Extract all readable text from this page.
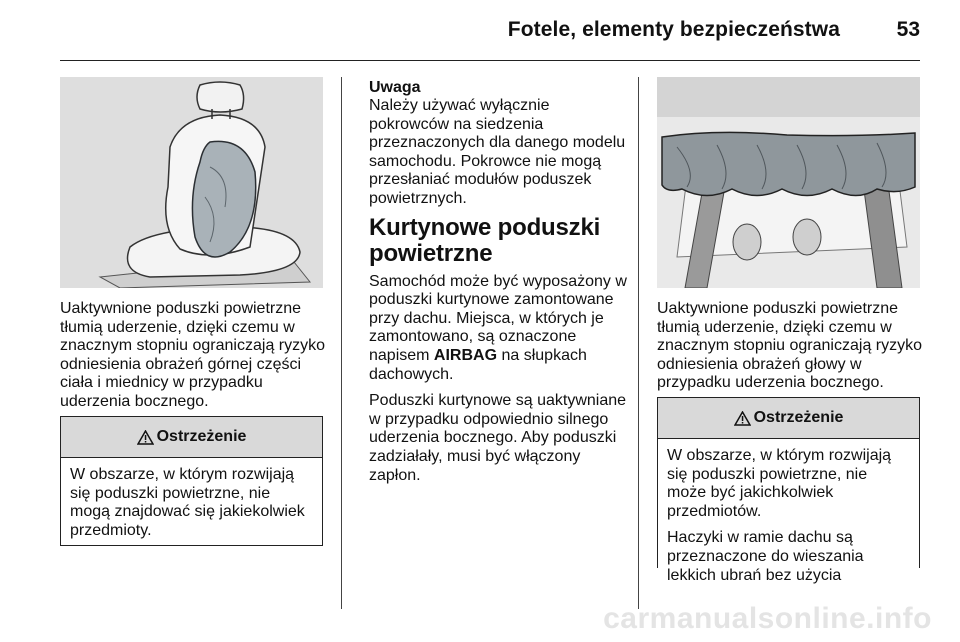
Fotele, elementy bezpieczeństwa	53

Uaktywnione poduszki powietrzne tłumią uderzenie, dzięki czemu w znacznym stopniu ograniczają ryzyko odniesienia obrażeń górnej części ciała i miednicy w przypadku uderzenia bocznego.

Ostrzeżenie

W obszarze, w którym rozwijają się poduszki powietrzne, nie mogą znajdować się jakiekolwiek przedmioty.

Uwaga

Należy używać wyłącznie pokrowców na siedzenia przeznaczonych dla danego modelu samochodu. Pokrowce nie mogą przesłaniać modułów poduszek powietrznych.

Kurtynowe poduszki powietrzne

Samochód może być wyposażony w poduszki kurtynowe zamontowane przy dachu. Miejsca, w których je zamontowano, są oznaczone napisem AIRBAG na słupkach dachowych.

Poduszki kurtynowe są uaktywniane w przypadku odpowiednio silnego uderzenia bocznego. Aby poduszki zadziałały, musi być włączony zapłon.

Uaktywnione poduszki powietrzne tłumią uderzenie, dzięki czemu w znacznym stopniu ograniczają ryzyko odniesienia obrażeń głowy w przypadku uderzenia bocznego.

Ostrzeżenie

W obszarze, w którym rozwijają się poduszki powietrzne, nie może być jakichkolwiek przedmiotów.

Haczyki w ramie dachu są przeznaczone do wieszania lekkich ubrań bez użycia

carmanualsonline.info
